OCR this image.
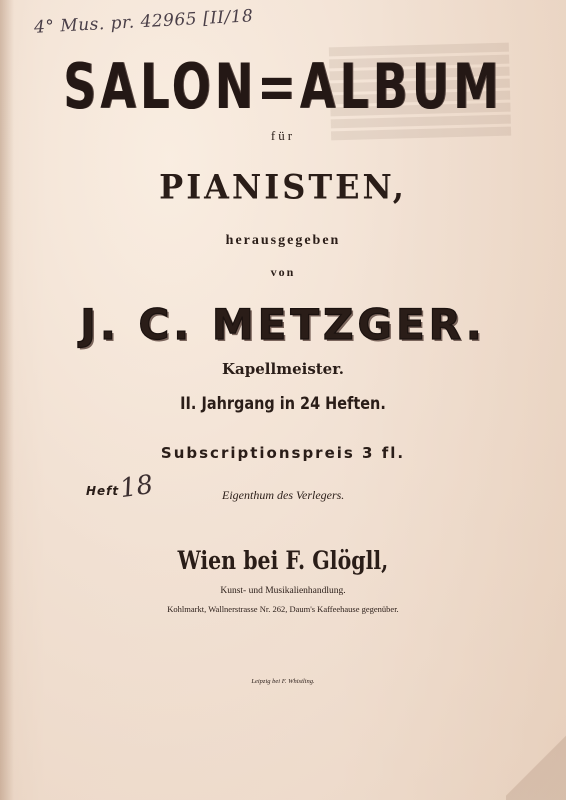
4° Mus. pr. 42965 [II/18
SALON=ALBUM
für
PIANISTEN,
herausgegeben
von
J. C. METZGER.
Kapellmeister.
II. Jahrgang in 24 Heften.
Subscriptionspreis 3 fl.
Heft
18	Eigenthum des Verlegers.
Wien bei F. Glögll,
Kunst- und Musikalienhandlung.
Kohlmarkt, Wallnerstrasse Nr. 262, Daum's Kaffeehause gegenüber.
Leipzig bei F. Whistling.
